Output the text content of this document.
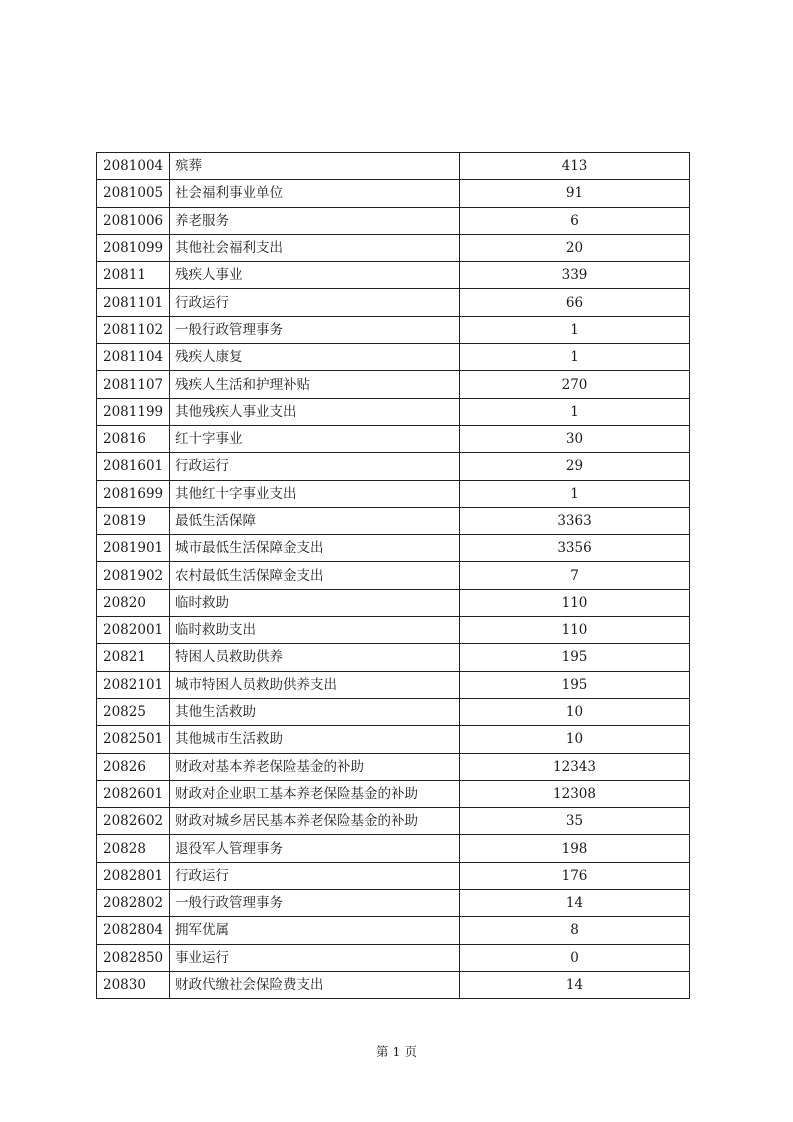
2081004	殡葬	413
2081005	社会福利事业单位	91
2081006	养老服务	6
2081099	其他社会福利支出	20
20811	残疾人事业	339
2081101	行政运行	66
2081102	一般行政管理事务	1
2081104	残疾人康复	1
2081107	残疾人生活和护理补贴	270
2081199	其他残疾人事业支出	1
20816	红十字事业	30
2081601	行政运行	29
2081699	其他红十字事业支出	1
20819	最低生活保障	3363
2081901	城市最低生活保障金支出	3356
2081902	农村最低生活保障金支出	7
20820	临时救助	110
2082001	临时救助支出	110
20821	特困人员救助供养	195
2082101	城市特困人员救助供养支出	195
20825	其他生活救助	10
2082501	其他城市生活救助	10
20826	财政对基本养老保险基金的补助	12343
2082601	财政对企业职工基本养老保险基金的补助	12308
2082602	财政对城乡居民基本养老保险基金的补助	35
20828	退役军人管理事务	198
2082801	行政运行	176
2082802	一般行政管理事务	14
2082804	拥军优属	8
2082850	事业运行	0
20830	财政代缴社会保险费支出	14
第 1 页
